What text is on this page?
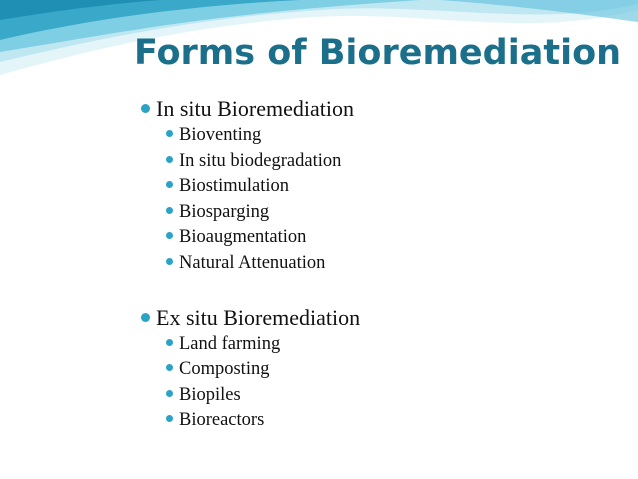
Forms of Bioremediation
In situ Bioremediation
Bioventing
In situ biodegradation
Biostimulation
Biosparging
Bioaugmentation
Natural Attenuation
Ex situ Bioremediation
Land farming
Composting
Biopiles
Bioreactors
